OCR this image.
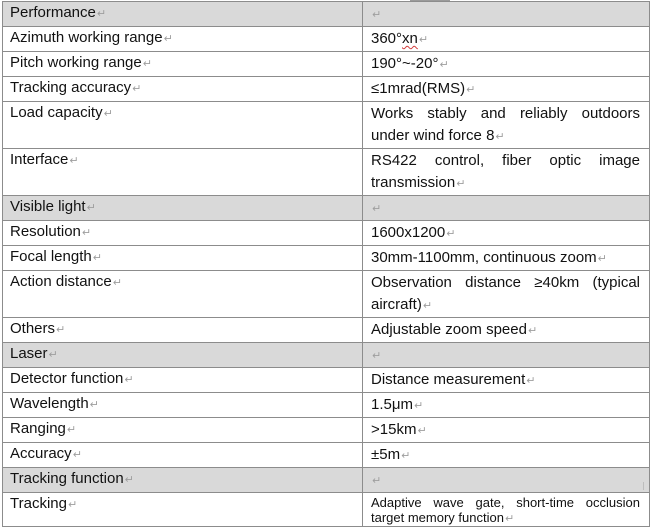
Performance↵	↵

Azimuth working range↵	360°xn↵

Pitch working range↵	190°~-20°↵

Tracking accuracy↵	≤1mrad(RMS)↵

Load capacity↵	Works stably and reliably outdoors under wind force 8↵

Interface↵	RS422 control, fiber optic image transmission↵

Visible light↵	↵

Resolution↵	1600x1200↵

Focal length↵	30mm-1100mm, continuous zoom↵

Action distance↵	Observation distance ≥40km (typical aircraft)↵

Others↵	Adjustable zoom speed↵

Laser↵	↵

Detector function↵	Distance measurement↵

Wavelength↵	1.5μm↵

Ranging↵	>15km↵

Accuracy↵	±5m↵

Tracking function↵	↵

Tracking↵	Adaptive wave gate, short-time occlusion target memory function↵
